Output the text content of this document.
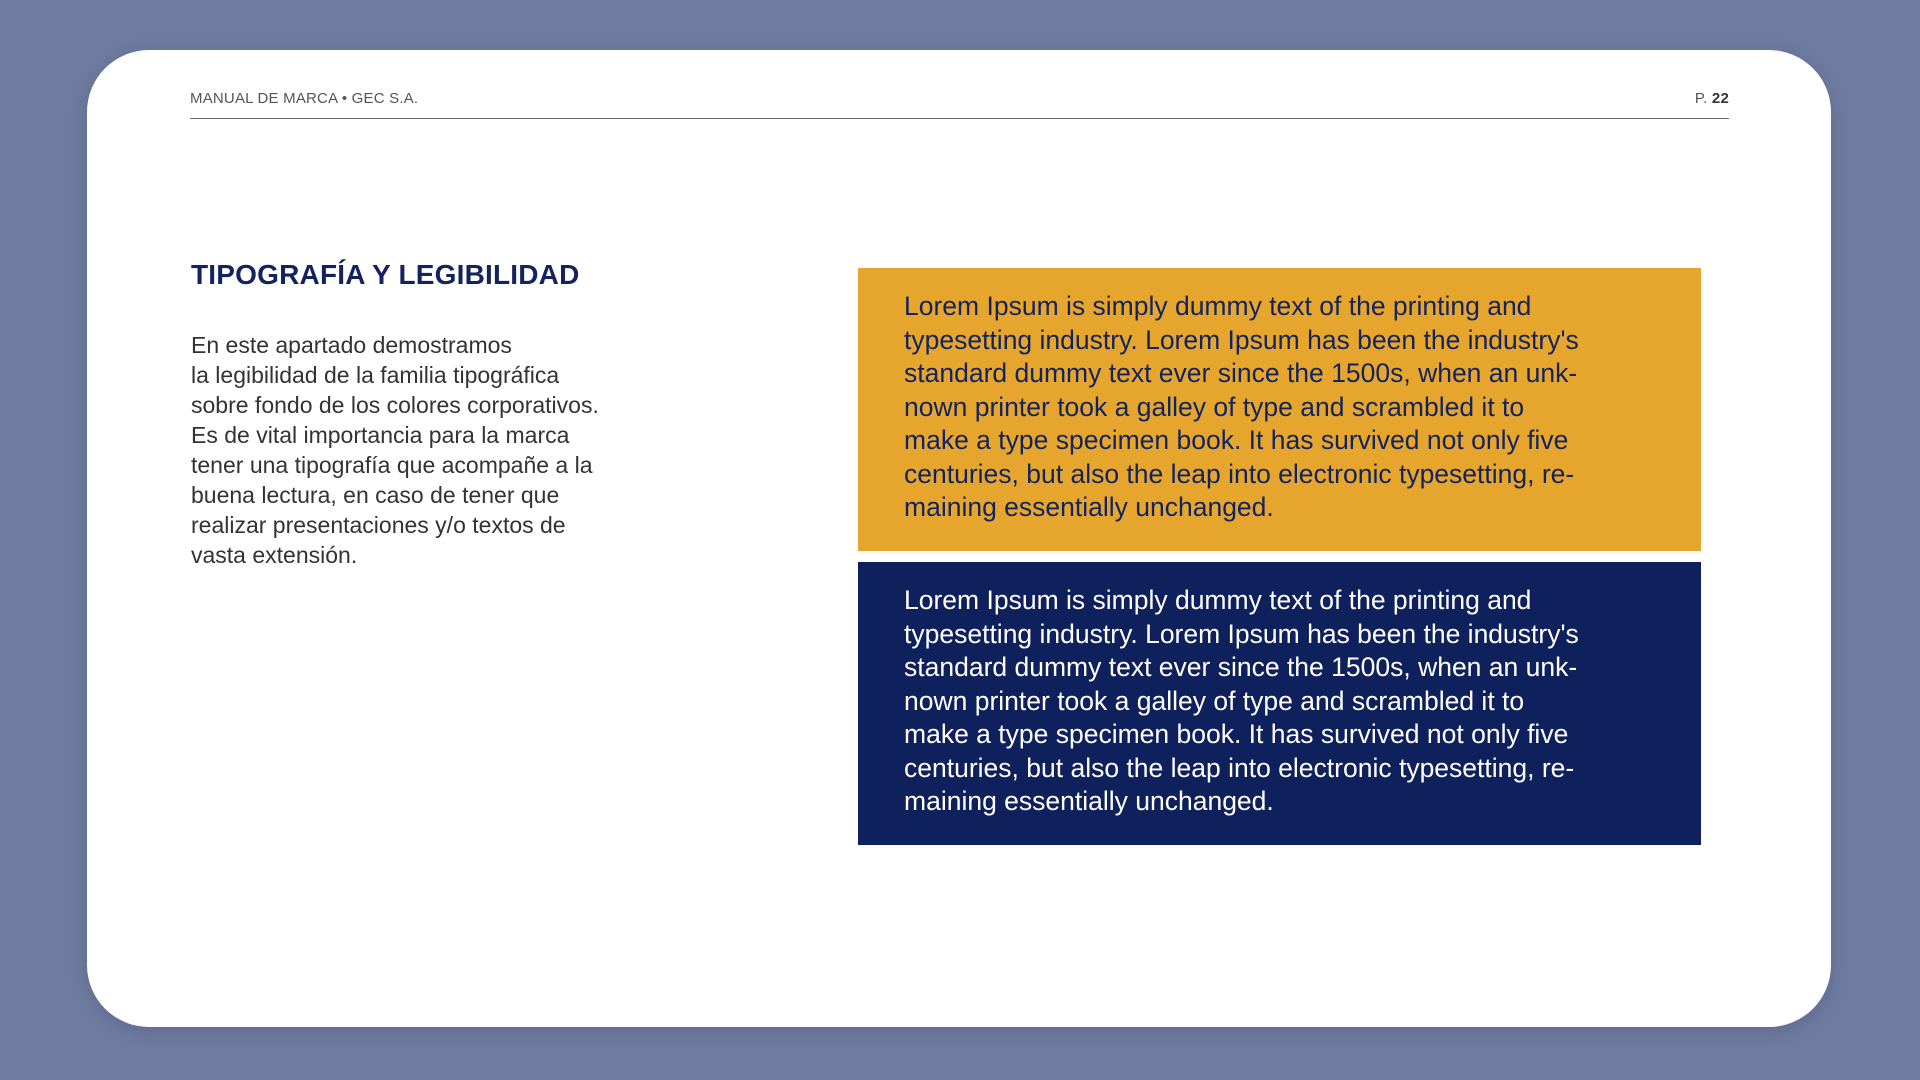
MANUAL DE MARCA • GEC S.A.	P. 22
TIPOGRAFÍA Y LEGIBILIDAD

En este apartado demostramos
la legibilidad de la familia tipográfica
sobre fondo de los colores corporativos.
Es de vital importancia para la marca
tener una tipografía que acompañe a la
buena lectura, en caso de tener que
realizar presentaciones y/o textos de
vasta extensión.

Lorem Ipsum is simply dummy text of the printing and
typesetting industry. Lorem Ipsum has been the industry's
standard dummy text ever since the 1500s, when an unk-
nown printer took a galley of type and scrambled it to
make a type specimen book. It has survived not only five
centuries, but also the leap into electronic typesetting, re-
maining essentially unchanged.

Lorem Ipsum is simply dummy text of the printing and
typesetting industry. Lorem Ipsum has been the industry's
standard dummy text ever since the 1500s, when an unk-
nown printer took a galley of type and scrambled it to
make a type specimen book. It has survived not only five
centuries, but also the leap into electronic typesetting, re-
maining essentially unchanged.
